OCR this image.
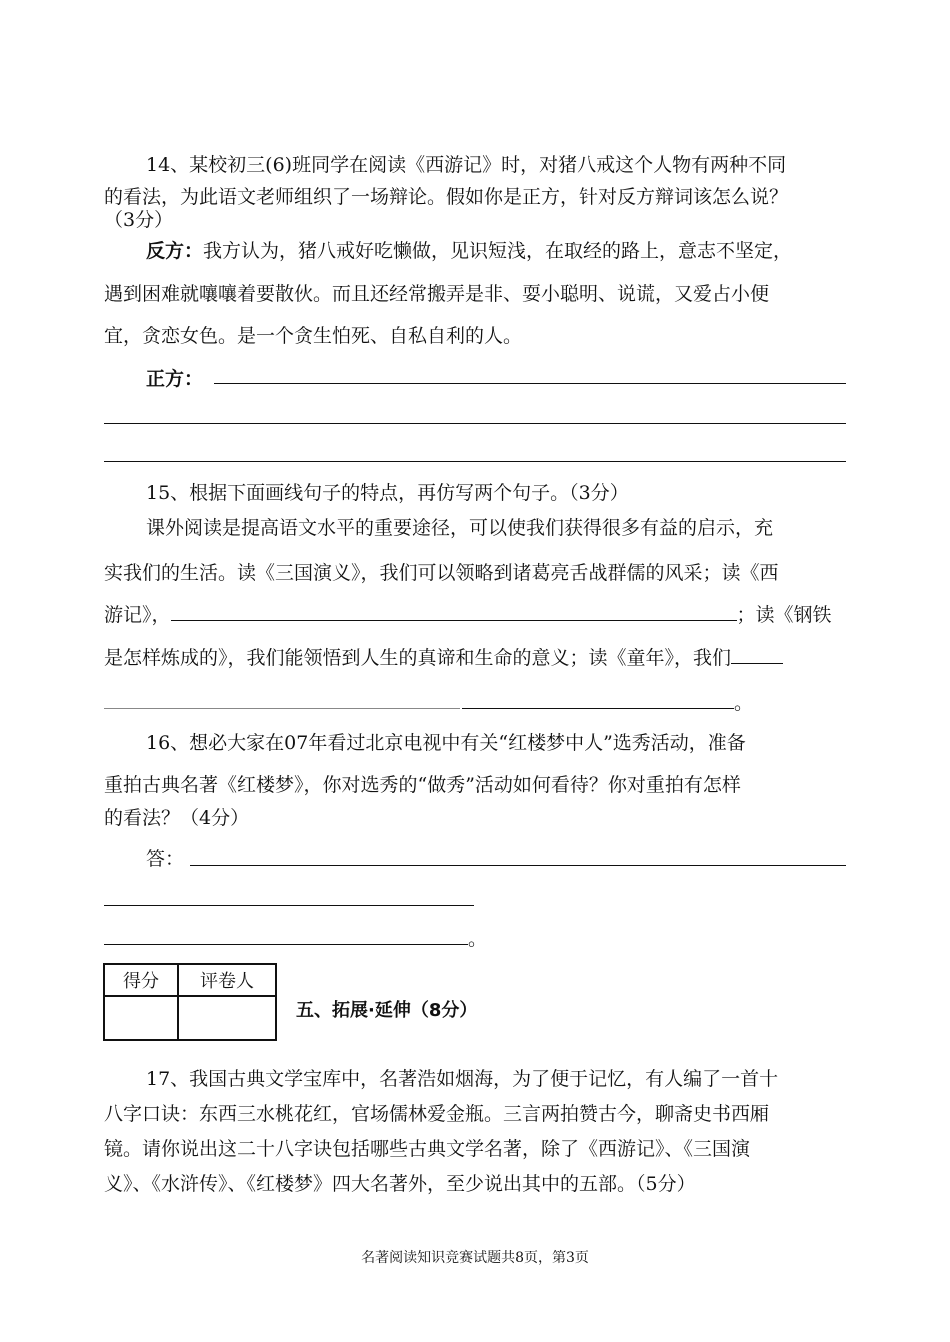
14、某校初三(6)班同学在阅读《西游记》时，对猪八戒这个人物有两种不同
的看法，为此语文老师组织了一场辩论。假如你是正方，针对反方辩词该怎么说？
（3分）
反方：我方认为，猪八戒好吃懒做，见识短浅，在取经的路上，意志不坚定，
遇到困难就嚷嚷着要散伙。而且还经常搬弄是非、耍小聪明、说谎，又爱占小便
宜，贪恋女色。是一个贪生怕死、自私自利的人。
正方：
15、根据下面画线句子的特点，再仿写两个句子。（3分）
课外阅读是提高语文水平的重要途径，可以使我们获得很多有益的启示，充
实我们的生活。读《三国演义》，我们可以领略到诸葛亮舌战群儒的风采；读《西
游记》，	；读《钢铁
是怎样炼成的》，我们能领悟到人生的真谛和生命的意义；读《童年》，我们
。
16、想必大家在07年看过北京电视中有关“红楼梦中人”选秀活动，准备
重拍古典名著《红楼梦》，你对选秀的“做秀”活动如何看待？你对重拍有怎样
的看法？（4分）
答：
。
得分	评卷人

五、拓展·延伸（8分）
17、我国古典文学宝库中，名著浩如烟海，为了便于记忆，有人编了一首十
八字口诀：东西三水桃花红，官场儒林爱金瓶。三言两拍赞古今，聊斋史书西厢
镜。请你说出这二十八字诀包括哪些古典文学名著，除了《西游记》、《三国演
义》、《水浒传》、《红楼梦》四大名著外，至少说出其中的五部。（5分）
名著阅读知识竞赛试题共8页，第3页
